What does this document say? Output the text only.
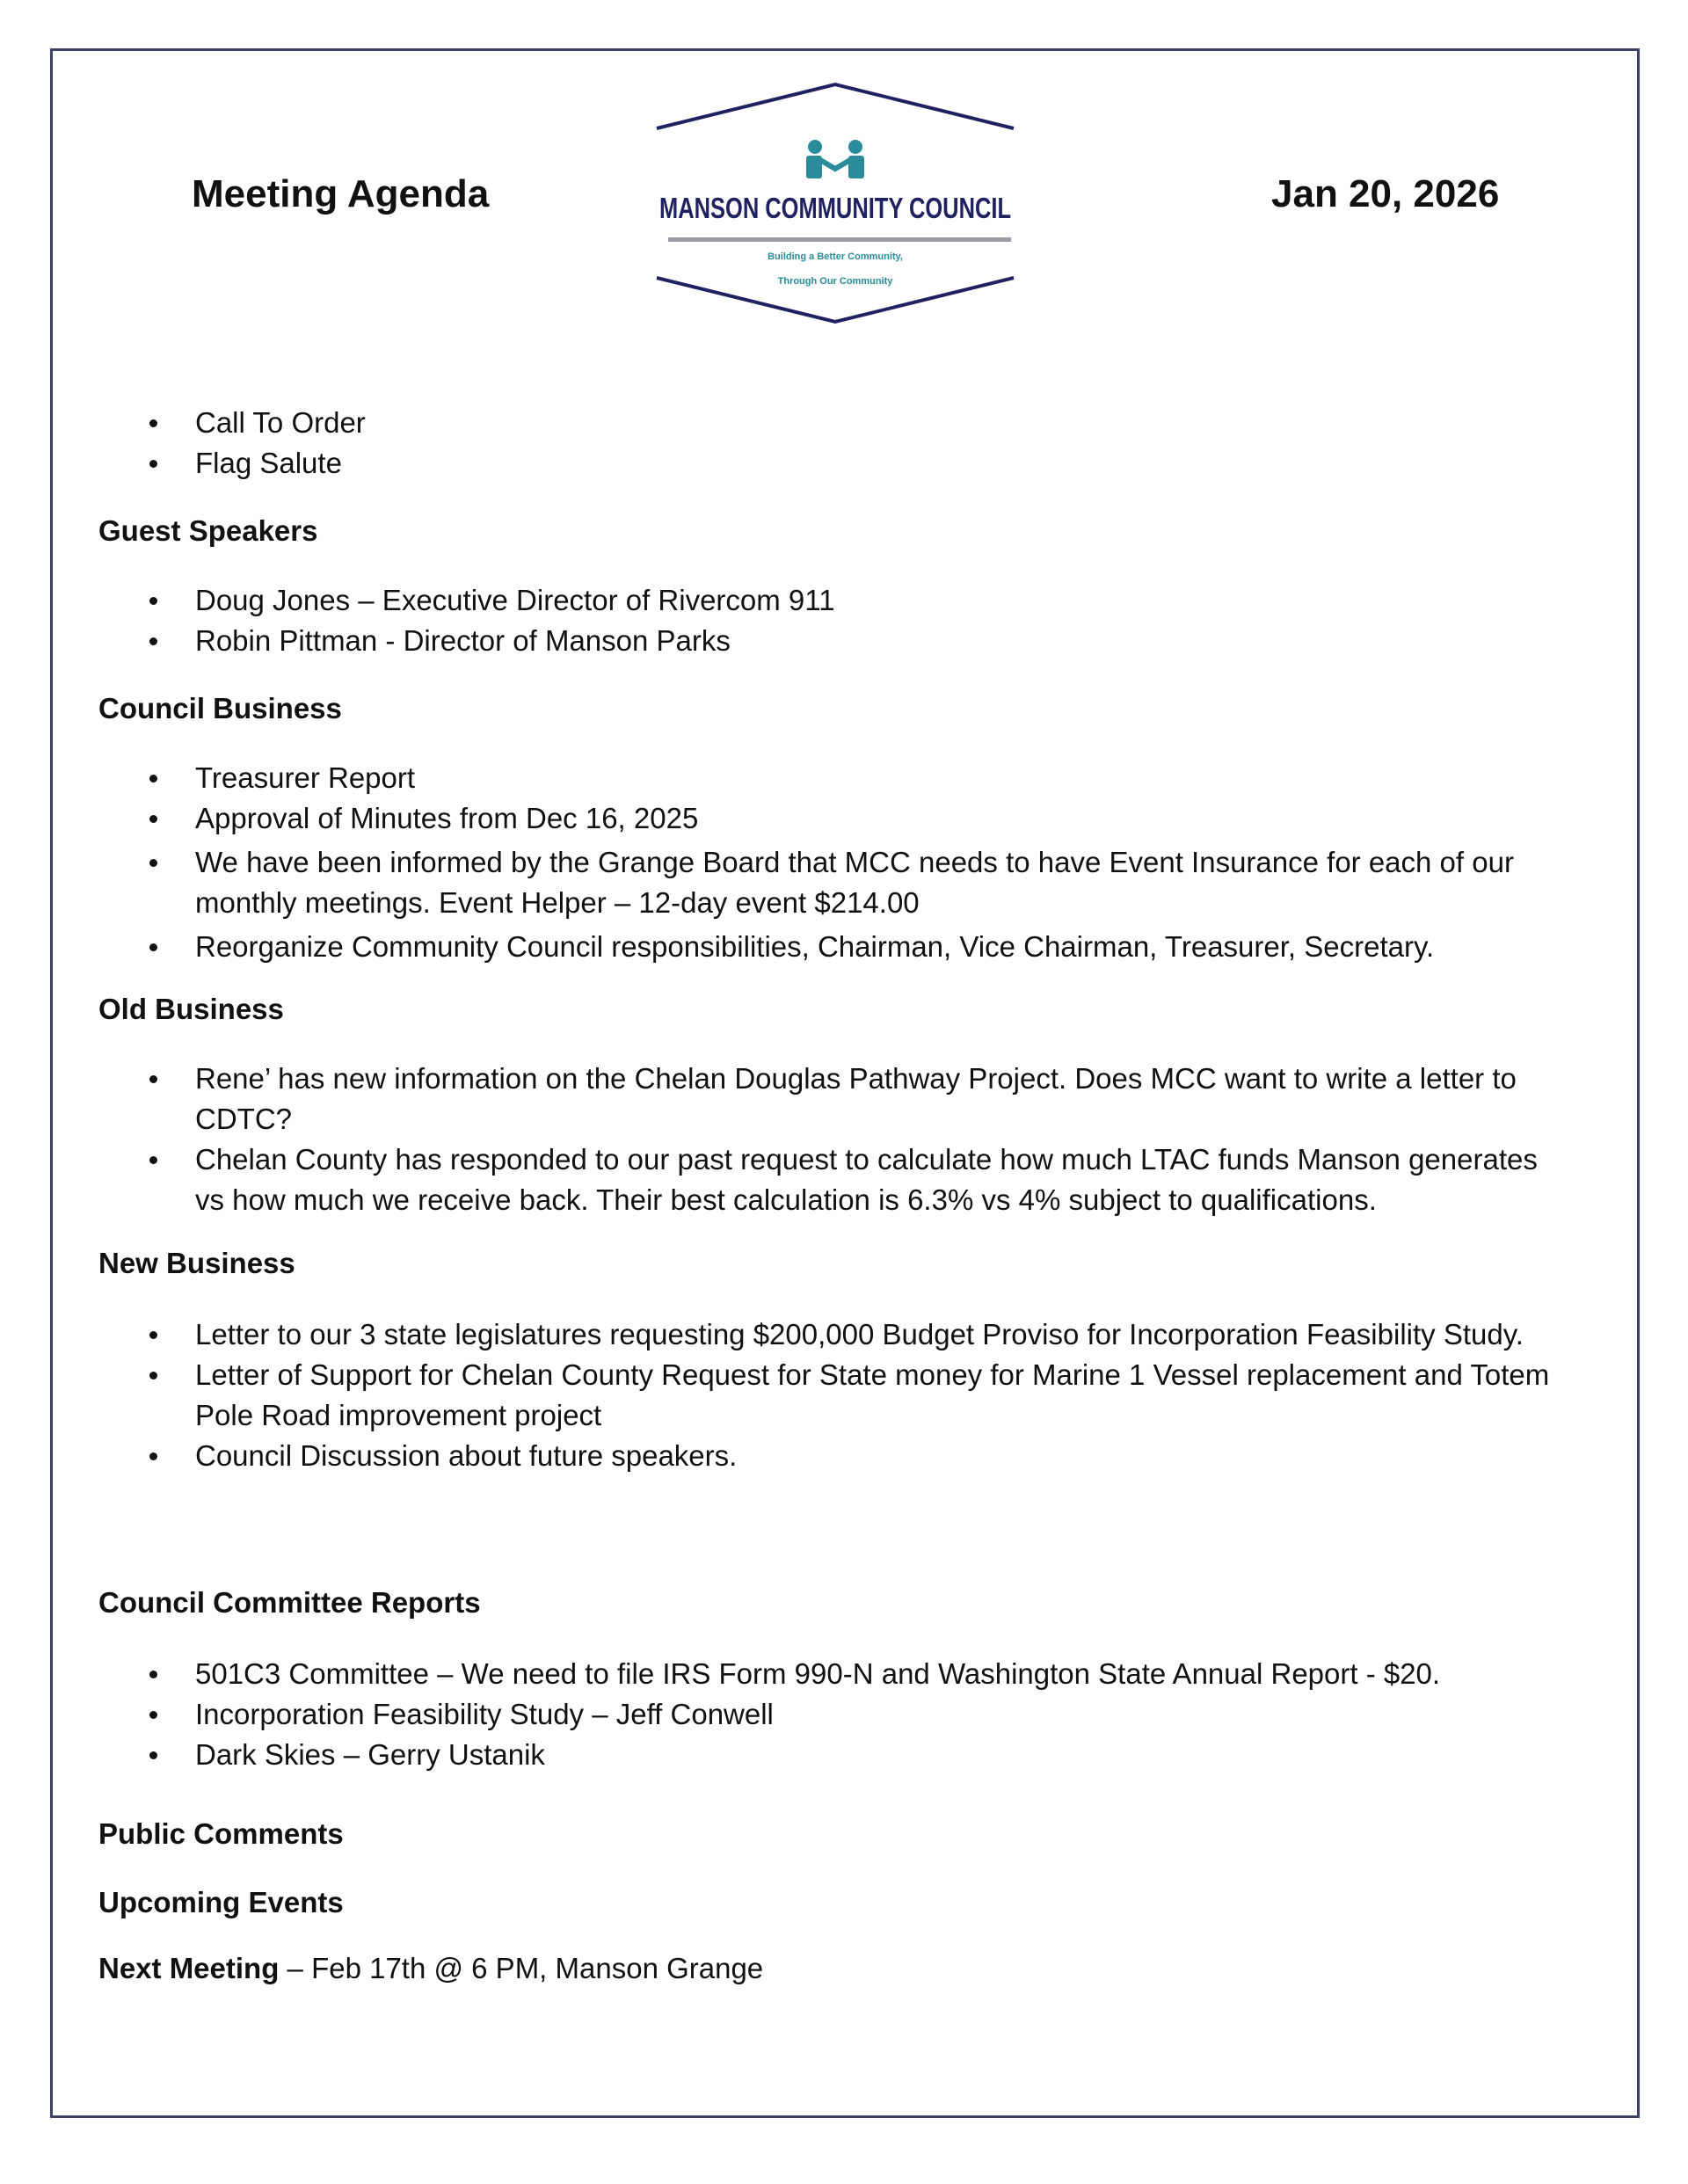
Meeting Agenda	Jan 20, 2026
MANSON COMMUNITY COUNCIL
Building a Better Community,
Through Our Community
Call To Order
Flag Salute
Guest Speakers
Doug Jones – Executive Director of Rivercom 911
Robin Pittman - Director of Manson Parks
Council Business
Treasurer Report
Approval of Minutes from Dec 16, 2025
We have been informed by the Grange Board that MCC needs to have Event Insurance for each of our monthly meetings. Event Helper – 12-day event $214.00
Reorganize Community Council responsibilities, Chairman, Vice Chairman, Treasurer, Secretary.
Old Business
Rene’ has new information on the Chelan Douglas Pathway Project. Does MCC want to write a letter to CDTC?
Chelan County has responded to our past request to calculate how much LTAC funds Manson generates vs how much we receive back. Their best calculation is 6.3% vs 4% subject to qualifications.
New Business
Letter to our 3 state legislatures requesting $200,000 Budget Proviso for Incorporation Feasibility Study.
Letter of Support for Chelan County Request for State money for Marine 1 Vessel replacement and Totem Pole Road improvement project
Council Discussion about future speakers.
Council Committee Reports
501C3 Committee – We need to file IRS Form 990-N and Washington State Annual Report - $20.
Incorporation Feasibility Study – Jeff Conwell
Dark Skies – Gerry Ustanik
Public Comments
Upcoming Events
Next Meeting – Feb 17th @ 6 PM, Manson Grange
